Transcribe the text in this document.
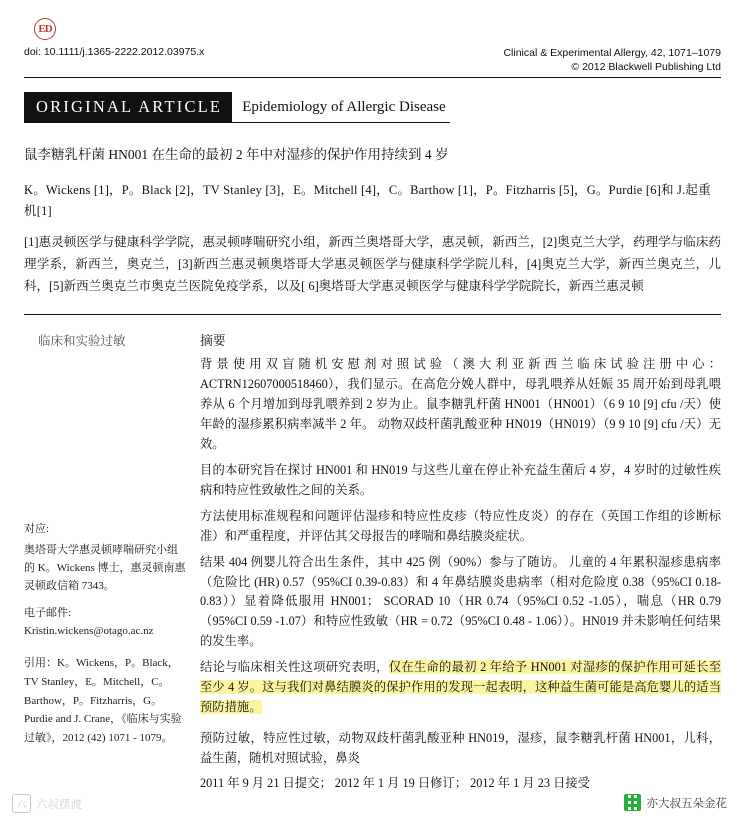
ED
doi: 10.1111/j.1365-2222.2012.03975.x	Clinical & Experimental Allergy, 42, 1071–1079
© 2012 Blackwell Publishing Ltd
ORIGINAL ARTICLE	Epidemiology of Allergic Disease
鼠李糖乳杆菌 HN001 在生命的最初 2 年中对湿疹的保护作用持续到 4 岁
K。Wickens [1]，P。Black [2]，TV Stanley [3]，E。Mitchell [4]，C。Barthow [1]，P。Fitzharris [5]，G。Purdie [6]和 J.起重机[1]
[1]惠灵顿医学与健康科学学院，惠灵顿哮喘研究小组，新西兰奥塔哥大学，惠灵顿，新西兰，[2]奥克兰大学，药理学与临床药理学系，新西兰，奥克兰，[3]新西兰惠灵顿奥塔哥大学惠灵顿医学与健康科学学院儿科，[4]奥克兰大学，新西兰奥克兰，儿科，[5]新西兰奥克兰市奥克兰医院免疫学系，以及[ 6]奥塔哥大学惠灵顿医学与健康科学学院院长，新西兰惠灵顿
临床和实验过敏
对应:
奥塔哥大学惠灵顿哮喘研究小组的 K。Wickens 博士，惠灵顿南惠灵顿政信箱 7343。
电子邮件:
Kristin.wickens@otago.ac.nz
引用：K。Wickens，P。Black，TV Stanley，E。Mitchell，C。Barthow，P。Fitzharris，G。Purdie and J. Crane，《临床与实验过敏》，2012 (42) 1071 - 1079。
摘要

背景使用双盲随机安慰剂对照试验（澳大利亚新西兰临床试验注册中心：ACTRN12607000518460），我们显示。在高危分娩人群中，母乳喂养从妊娠 35 周开始到母乳喂养从 6 个月增加到母乳喂养到 2 岁为止。鼠李糖乳杆菌 HN001（HN001）（6 9 10 [9] cfu /天）使年龄的湿疹累积病率减半 2 年。 动物双歧杆菌乳酸亚种 HN019（HN019）（9 9 10 [9] cfu /天）无效。

目的本研究旨在探讨 HN001 和 HN019 与这些儿童在停止补充益生菌后 4 岁，4 岁时的过敏性疾病和特应性致敏性之间的关系。

方法使用标准规程和问题评估湿疹和特应性皮疹（特应性皮炎）的存在（英国工作组的诊断标准）和严重程度，并评估其父母报告的哮喘和鼻结膜炎症状。

结果 404 例婴儿符合出生条件，其中 425 例（90%）参与了随访。 儿童的 4 年累积湿疹患病率（危险比 (HR) 0.57（95%CI 0.39-0.83）和 4 年鼻结膜炎患病率（相对危险度 0.38（95%CI 0.18-0.83））显着降低服用 HN001； SCORAD 10（HR 0.74（95%CI 0.52 -1.05），喘息（HR 0.79（95%CI 0.59 -1.07）和特应性致敏（HR = 0.72（95%CI 0.48 - 1.06））。HN019 并未影响任何结果的发生率。

结论与临床相关性这项研究表明，仅在生命的最初 2 年给予 HN001 对湿疹的保护作用可延长至至少 4 岁。这与我们对鼻结膜炎的保护作用的发现一起表明，这种益生菌可能是高危婴儿的适当预防措施。

预防过敏，特应性过敏，动物双歧杆菌乳酸亚种 HN019，湿疹，鼠李糖乳杆菌 HN001，儿科，益生菌，随机对照试验，鼻炎
2011 年 9 月 21 日提交； 2012 年 1 月 19 日修订； 2012 年 1 月 23 日接受
六 六叔摆渡	亦大叔五朵金花
